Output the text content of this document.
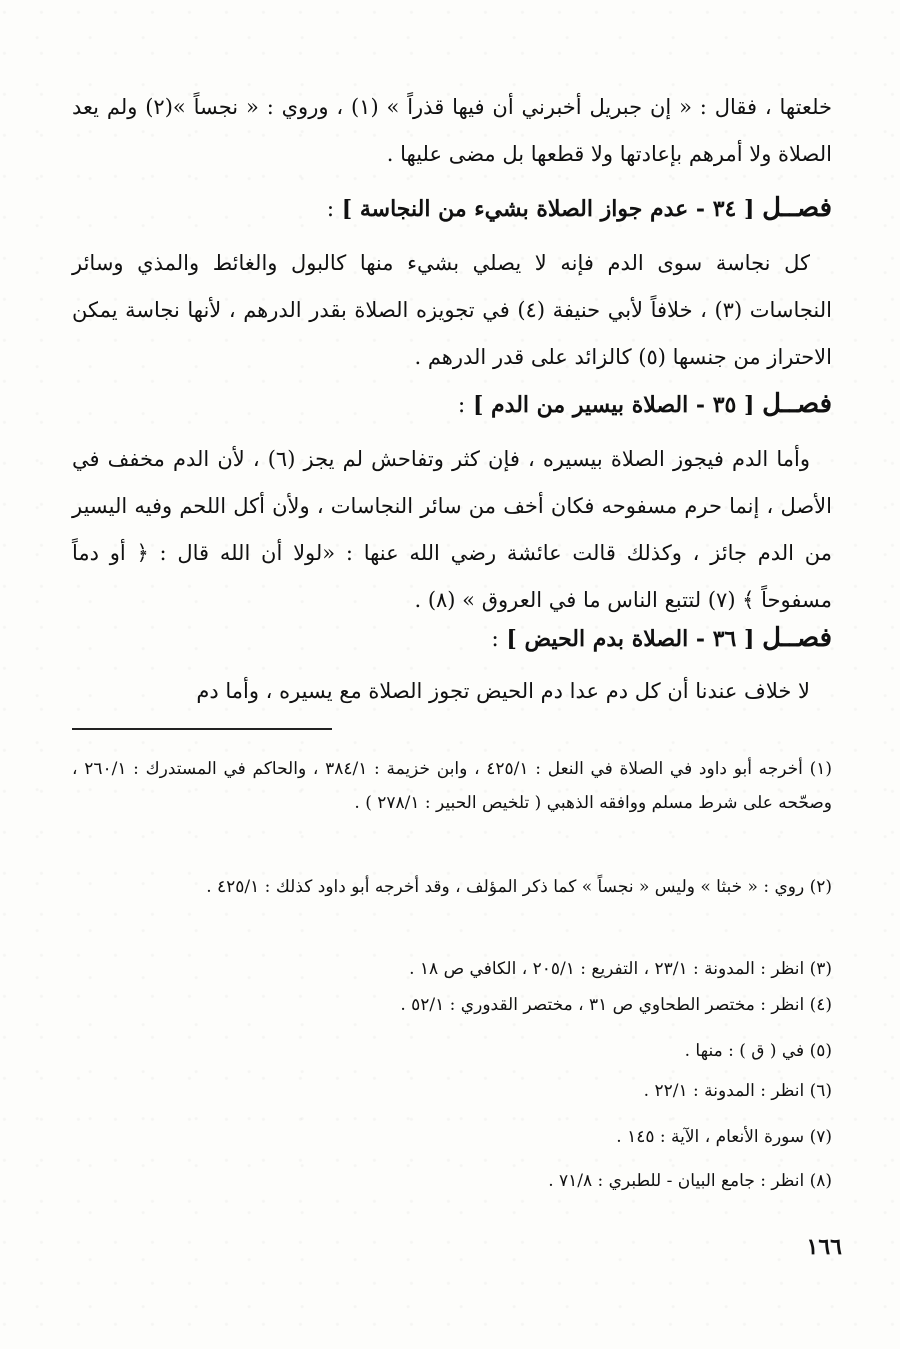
خلعتها ، فقال : « إن جبريل أخبرني أن فيها قذراً » (١) ، وروي : « نجساً »(٢) ولم يعد الصلاة ولا أمرهم بإعادتها ولا قطعها بل مضى عليها .
فصــل [ ٣٤ - عدم جواز الصلاة بشيء من النجاسة ] :
كل نجاسة سوى الدم فإنه لا يصلي بشيء منها كالبول والغائط والمذي وسائر النجاسات (٣) ، خلافاً لأبي حنيفة (٤) في تجويزه الصلاة بقدر الدرهم ، لأنها نجاسة يمكن الاحتراز من جنسها (٥) كالزائد على قدر الدرهم .
فصــل [ ٣٥ - الصلاة بيسير من الدم ] :
وأما الدم فيجوز الصلاة بيسيره ، فإن كثر وتفاحش لم يجز (٦) ، لأن الدم مخفف في الأصل ، إنما حرم مسفوحه فكان أخف من سائر النجاسات ، ولأن أكل اللحم وفيه اليسير من الدم جائز ، وكذلك قالت عائشة رضي الله عنها : «لولا أن الله قال : ﴿ أو دماً مسفوحاً ﴾ (٧) لتتبع الناس ما في العروق » (٨) .
فصــل [ ٣٦ - الصلاة بدم الحيض ] :
لا خلاف عندنا أن كل دم عدا دم الحيض تجوز الصلاة مع يسيره ، وأما دم
(١) أخرجه أبو داود في الصلاة في النعل : ٤٢٥/١ ، وابن خزيمة : ٣٨٤/١ ، والحاكم في المستدرك : ٢٦٠/١ ، وصحّحه على شرط مسلم ووافقه الذهبي ( تلخيص الحبير : ٢٧٨/١ ) .
(٢) روي : « خبثا » وليس « نجساً » كما ذكر المؤلف ، وقد أخرجه أبو داود كذلك : ٤٢٥/١ .
(٣) انظر : المدونة : ٢٣/١ ، التفريع : ٢٠٥/١ ، الكافي ص ١٨ .
(٤) انظر : مختصر الطحاوي ص ٣١ ، مختصر القدوري : ٥٢/١ .
(٥) في ( ق ) : منها .
(٦) انظر : المدونة : ٢٢/١ .
(٧) سورة الأنعام ، الآية : ١٤٥ .
(٨) انظر : جامع البيان - للطبري : ٧١/٨ .
١٦٦
